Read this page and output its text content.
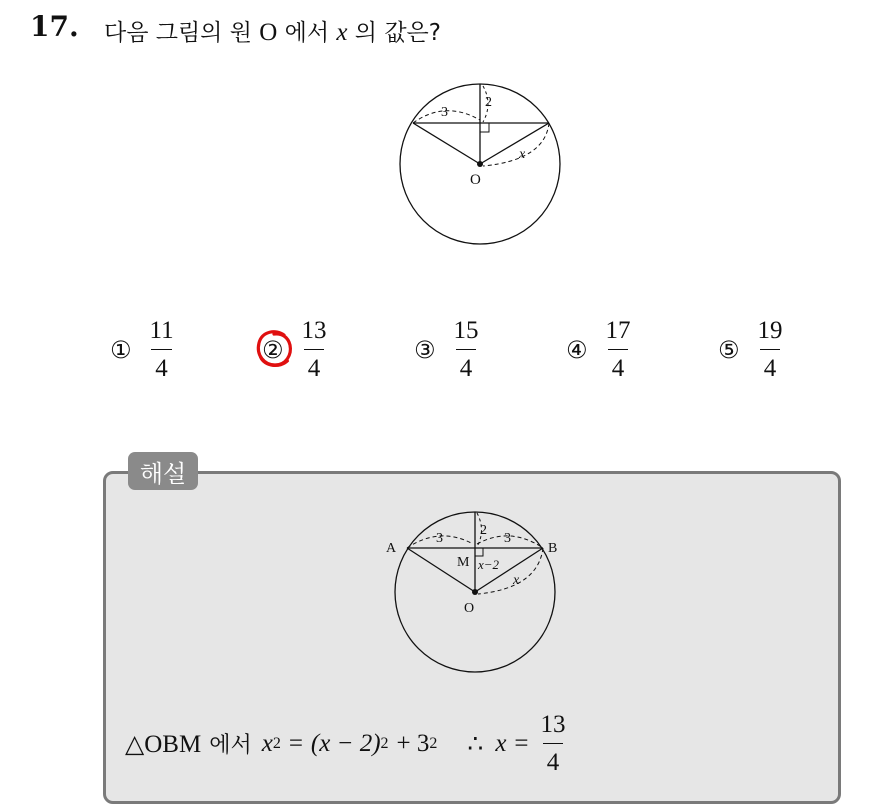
17. 다음 그림의 원 O 에서 x 의 값은?
3
2
x
O
① $\frac{11}{4}$	② $\frac{13}{4}$	③ $\frac{15}{4}$	④ $\frac{17}{4}$	⑤ $\frac{19}{4}$
해설
A	B
M
O
3	3
2
x−2
x
△OBM 에서 x 2 = (x − 2) 2 + 3 2 ∴ $x = \frac{13}{4}$
